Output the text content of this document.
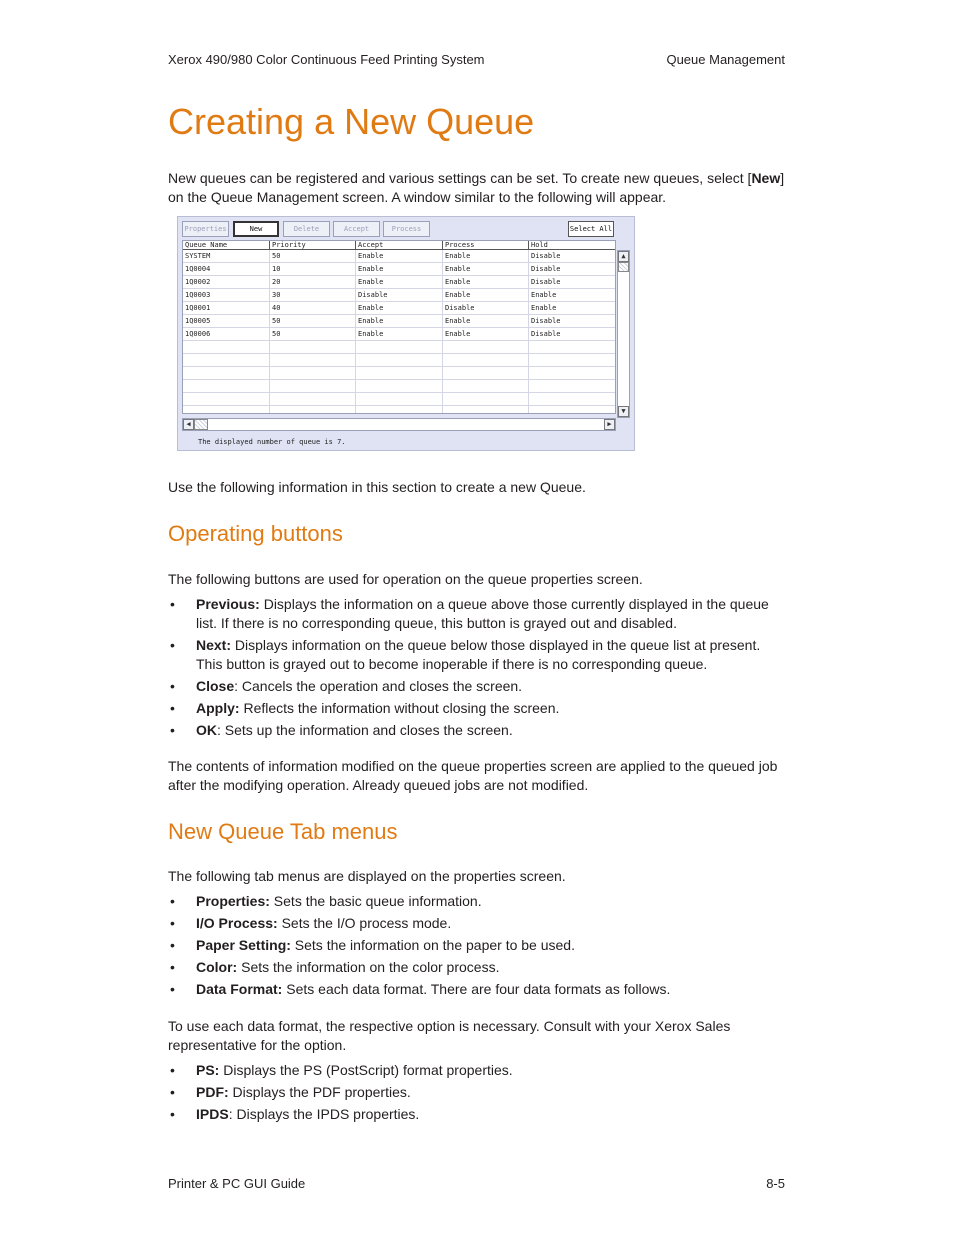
Xerox 490/980 Color Continuous Feed Printing System	Queue Management
Creating a New Queue

New queues can be registered and various settings can be set. To create new queues, select [New] on the Queue Management screen. A window similar to the following will appear.

Properties	New	Delete	Accept	Process	Select All
Queue Name	Priority	Accept	Process	Hold
SYSTEM	50	Enable	Enable	Disable
1Q0004	10	Enable	Enable	Disable
1Q0002	20	Enable	Enable	Disable
1Q0003	30	Disable	Enable	Enable
1Q0001	40	Enable	Disable	Enable
1Q0005	50	Enable	Enable	Disable
1Q0006	50	Enable	Enable	Disable
▲
▼
◀	▶
The displayed number of queue is 7.

Use the following information in this section to create a new Queue.

Operating buttons

The following buttons are used for operation on the queue properties screen.

• Previous: Displays the information on a queue above those currently displayed in the queue list. If there is no corresponding queue, this button is grayed out and disabled.
• Next: Displays information on the queue below those displayed in the queue list at present. This button is grayed out to become inoperable if there is no corresponding queue.
• Close: Cancels the operation and closes the screen.
• Apply: Reflects the information without closing the screen.
• OK: Sets up the information and closes the screen.

The contents of information modified on the queue properties screen are applied to the queued job after the modifying operation. Already queued jobs are not modified.

New Queue Tab menus

The following tab menus are displayed on the properties screen.

• Properties: Sets the basic queue information.
• I/O Process: Sets the I/O process mode.
• Paper Setting: Sets the information on the paper to be used.
• Color: Sets the information on the color process.
• Data Format: Sets each data format. There are four data formats as follows.

To use each data format, the respective option is necessary. Consult with your Xerox Sales representative for the option.

• PS: Displays the PS (PostScript) format properties.
• PDF: Displays the PDF properties.
• IPDS: Displays the IPDS properties.
Printer & PC GUI Guide	8-5
